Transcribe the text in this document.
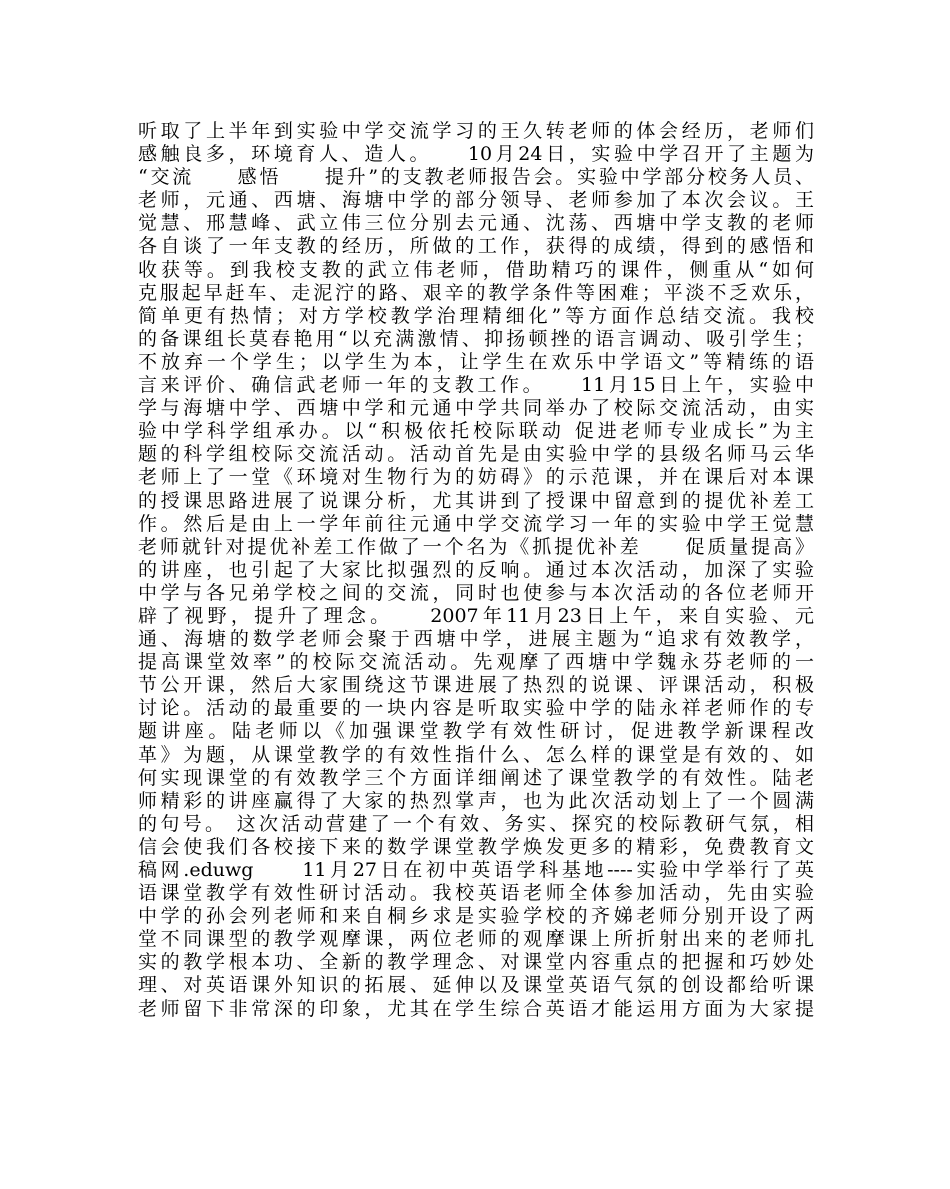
听取了上半年到实验中学交流学习的王久转老师的体会经历，老师们
感触良多，环境育人、造人。　　10月24日，实验中学召开了主题为
“交流　　感悟　　提升”的支教老师报告会。实验中学部分校务人员、
老师，元通、西塘、海塘中学的部分领导、老师参加了本次会议。王
觉慧、邢慧峰、武立伟三位分别去元通、沈荡、西塘中学支教的老师
各自谈了一年支教的经历，所做的工作，获得的成绩，得到的感悟和
收获等。到我校支教的武立伟老师，借助精巧的课件，侧重从“如何
克服起早赶车、走泥泞的路、艰辛的教学条件等困难；平淡不乏欢乐，
简单更有热情；对方学校教学治理精细化”等方面作总结交流。我校
的备课组长莫春艳用“以充满激情、抑扬顿挫的语言调动、吸引学生；
不放弃一个学生；以学生为本，让学生在欢乐中学语文”等精练的语
言来评价、确信武老师一年的支教工作。　　11月15日上午，实验中
学与海塘中学、西塘中学和元通中学共同举办了校际交流活动，由实
验中学科学组承办。以“积极依托校际联动 促进老师专业成长”为主
题的科学组校际交流活动。活动首先是由实验中学的县级名师马云华
老师上了一堂《环境对生物行为的妨碍》的示范课，并在课后对本课
的授课思路进展了说课分析，尤其讲到了授课中留意到的提优补差工
作。然后是由上一学年前往元通中学交流学习一年的实验中学王觉慧
老师就针对提优补差工作做了一个名为《抓提优补差　　促质量提高》
的讲座，也引起了大家比拟强烈的反响。通过本次活动，加深了实验
中学与各兄弟学校之间的交流，同时也使参与本次活动的各位老师开
辟了视野，提升了理念。　　2007年11月23日上午，来自实验、元
通、海塘的数学老师会聚于西塘中学，进展主题为“追求有效教学，
提高课堂效率”的校际交流活动。先观摩了西塘中学魏永芬老师的一
节公开课，然后大家围绕这节课进展了热烈的说课、评课活动，积极
讨论。活动的最重要的一块内容是听取实验中学的陆永祥老师作的专
题讲座。陆老师以《加强课堂教学有效性研讨，促进教学新课程改
革》为题，从课堂教学的有效性指什么、怎么样的课堂是有效的、如
何实现课堂的有效教学三个方面详细阐述了课堂教学的有效性。陆老
师精彩的讲座赢得了大家的热烈掌声，也为此次活动划上了一个圆满
的句号。 这次活动营建了一个有效、务实、探究的校际教研气氛，相
信会使我们各校接下来的数学课堂教学焕发更多的精彩，免费教育文
稿网.eduwg　　11月27日在初中英语学科基地----实验中学举行了英
语课堂教学有效性研讨活动。我校英语老师全体参加活动，先由实验
中学的孙会列老师和来自桐乡求是实验学校的齐娣老师分别开设了两
堂不同课型的教学观摩课，两位老师的观摩课上所折射出来的老师扎
实的教学根本功、全新的教学理念、对课堂内容重点的把握和巧妙处
理、对英语课外知识的拓展、延伸以及课堂英语气氛的创设都给听课
老师留下非常深的印象，尤其在学生综合英语才能运用方面为大家提
